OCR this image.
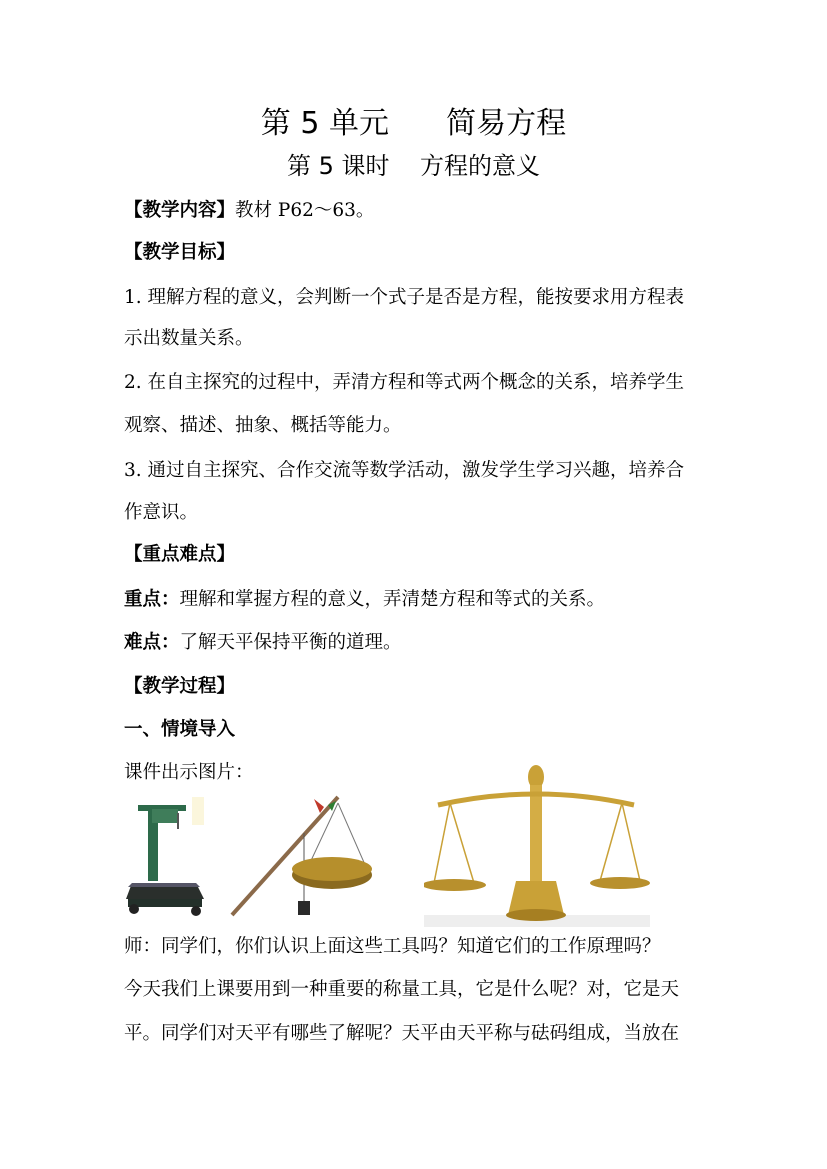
第 5 单元      简易方程
第 5 课时    方程的意义
【教学内容】教材 P62～63。
【教学目标】
1. 理解方程的意义，会判断一个式子是否是方程，能按要求用方程表
示出数量关系。
2. 在自主探究的过程中，弄清方程和等式两个概念的关系，培养学生
观察、描述、抽象、概括等能力。
3. 通过自主探究、合作交流等数学活动，激发学生学习兴趣，培养合
作意识。
【重点难点】
重点：理解和掌握方程的意义，弄清楚方程和等式的关系。
难点：了解天平保持平衡的道理。
【教学过程】
一、情境导入
课件出示图片：
师：同学们，你们认识上面这些工具吗？知道它们的工作原理吗？
今天我们上课要用到一种重要的称量工具，它是什么呢？对，它是天
平。同学们对天平有哪些了解呢？天平由天平称与砝码组成，当放在
